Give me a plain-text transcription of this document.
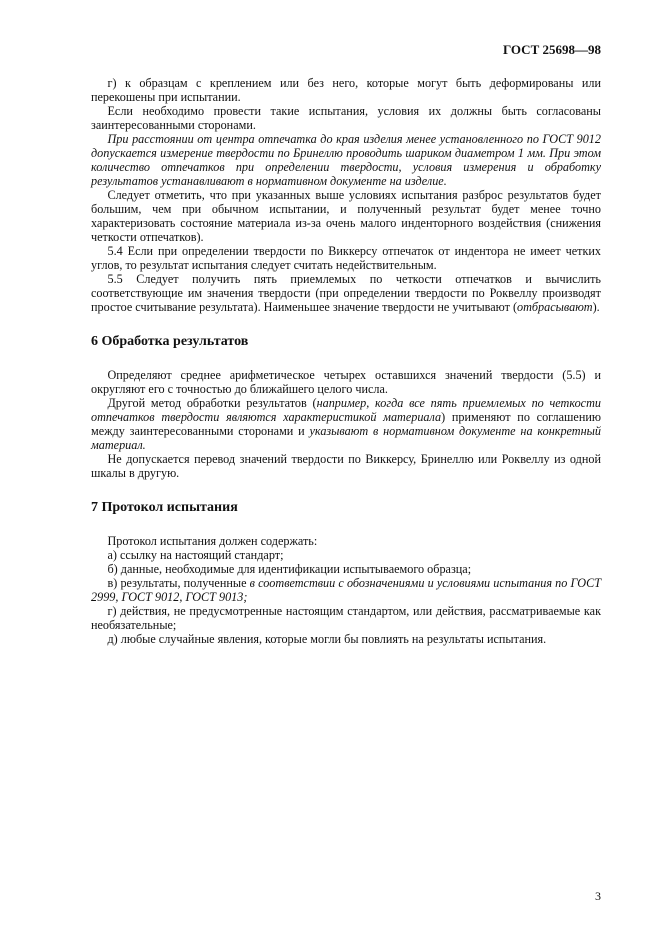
ГОСТ 25698—98

г) к образцам с креплением или без него, которые могут быть деформированы или перекошены при испытании.

Если необходимо провести такие испытания, условия их должны быть согласованы заинтересованными сторонами.

При расстоянии от центра отпечатка до края изделия менее установленного по ГОСТ 9012 допускается измерение твердости по Бринеллю проводить шариком диаметром 1 мм. При этом количество отпечатков при определении твердости, условия измерения и обработку результатов устанавливают в нормативном документе на изделие.

Следует отметить, что при указанных выше условиях испытания разброс результатов будет большим, чем при обычном испытании, и полученный результат будет менее точно характеризовать состояние материала из-за очень малого инденторного воздействия (снижения четкости отпечатков).

5.4 Если при определении твердости по Виккерсу отпечаток от индентора не имеет четких углов, то результат испытания следует считать недействительным.

5.5 Следует получить пять приемлемых по четкости отпечатков и вычислить соответствующие им значения твердости (при определении твердости по Роквеллу производят простое считывание результата). Наименьшее значение твердости не учитывают (отбрасывают).

6 Обработка результатов

Определяют среднее арифметическое четырех оставшихся значений твердости (5.5) и округляют его с точностью до ближайшего целого числа.

Другой метод обработки результатов (например, когда все пять приемлемых по четкости отпечатков твердости являются характеристикой материала) применяют по соглашению между заинтересованными сторонами и указывают в нормативном документе на конкретный материал.

Не допускается перевод значений твердости по Виккерсу, Бринеллю или Роквеллу из одной шкалы в другую.

7 Протокол испытания

Протокол испытания должен содержать:

а) ссылку на настоящий стандарт;

б) данные, необходимые для идентификации испытываемого образца;

в) результаты, полученные в соответствии с обозначениями и условиями испытания по ГОСТ 2999, ГОСТ 9012, ГОСТ 9013;

г) действия, не предусмотренные настоящим стандартом, или действия, рассматриваемые как необязательные;

д) любые случайные явления, которые могли бы повлиять на результаты испытания.

3
